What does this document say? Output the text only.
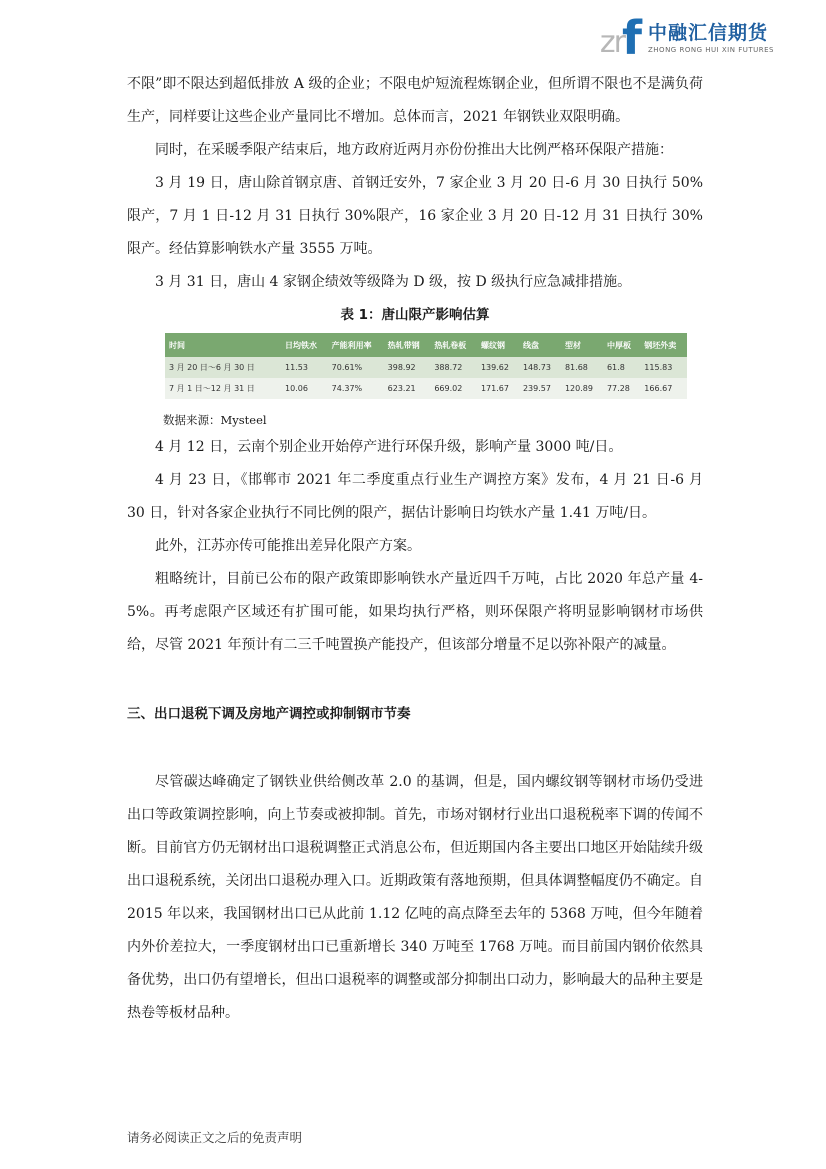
zr
f 中融汇信期货
ZHONG RONG HUI XIN FUTURES

不限”即不限达到超低排放 A 级的企业；不限电炉短流程炼钢企业，但所谓不限也不是满负荷生产，同样要让这些企业产量同比不增加。总体而言，2021 年钢铁业双限明确。

同时，在采暖季限产结束后，地方政府近两月亦份份推出大比例严格环保限产措施：

3 月 19 日，唐山除首钢京唐、首钢迁安外，7 家企业 3 月 20 日-6 月 30 日执行 50%限产，7 月 1 日-12 月 31 日执行 30%限产，16 家企业 3 月 20 日-12 月 31 日执行 30%限产。经估算影响铁水产量 3555 万吨。

3 月 31 日，唐山 4 家钢企绩效等级降为 D 级，按 D 级执行应急减排措施。

表 1：唐山限产影响估算
时间	日均铁水	产能利用率	热轧带钢	热轧卷板	螺纹钢	线盘	型材	中厚板	钢坯外卖
3 月 20 日～6 月 30 日	11.53	70.61%	398.92	388.72	139.62	148.73	81.68	61.8	115.83
7 月 1 日～12 月 31 日	10.06	74.37%	623.21	669.02	171.67	239.57	120.89	77.28	166.67
数据来源：Mysteel

4 月 12 日，云南个别企业开始停产进行环保升级，影响产量 3000 吨/日。

4 月 23 日，《邯郸市 2021 年二季度重点行业生产调控方案》发布，4 月 21 日-6 月 30 日，针对各家企业执行不同比例的限产，据估计影响日均铁水产量 1.41 万吨/日。

此外，江苏亦传可能推出差异化限产方案。

粗略统计，目前已公布的限产政策即影响铁水产量近四千万吨，占比 2020 年总产量 4-5%。再考虑限产区域还有扩围可能，如果均执行严格，则环保限产将明显影响钢材市场供给，尽管 2021 年预计有二三千吨置换产能投产，但该部分增量不足以弥补限产的减量。

三、出口退税下调及房地产调控或抑制钢市节奏

尽管碳达峰确定了钢铁业供给侧改革 2.0 的基调，但是，国内螺纹钢等钢材市场仍受进出口等政策调控影响，向上节奏或被抑制。首先，市场对钢材行业出口退税税率下调的传闻不断。目前官方仍无钢材出口退税调整正式消息公布，但近期国内各主要出口地区开始陆续升级出口退税系统，关闭出口退税办理入口。近期政策有落地预期，但具体调整幅度仍不确定。自 2015 年以来，我国钢材出口已从此前 1.12 亿吨的高点降至去年的 5368 万吨，但今年随着内外价差拉大，一季度钢材出口已重新增长 340 万吨至 1768 万吨。而目前国内钢价依然具备优势，出口仍有望增长，但出口退税率的调整或部分抑制出口动力，影响最大的品种主要是热卷等板材品种。

请务必阅读正文之后的免责声明
